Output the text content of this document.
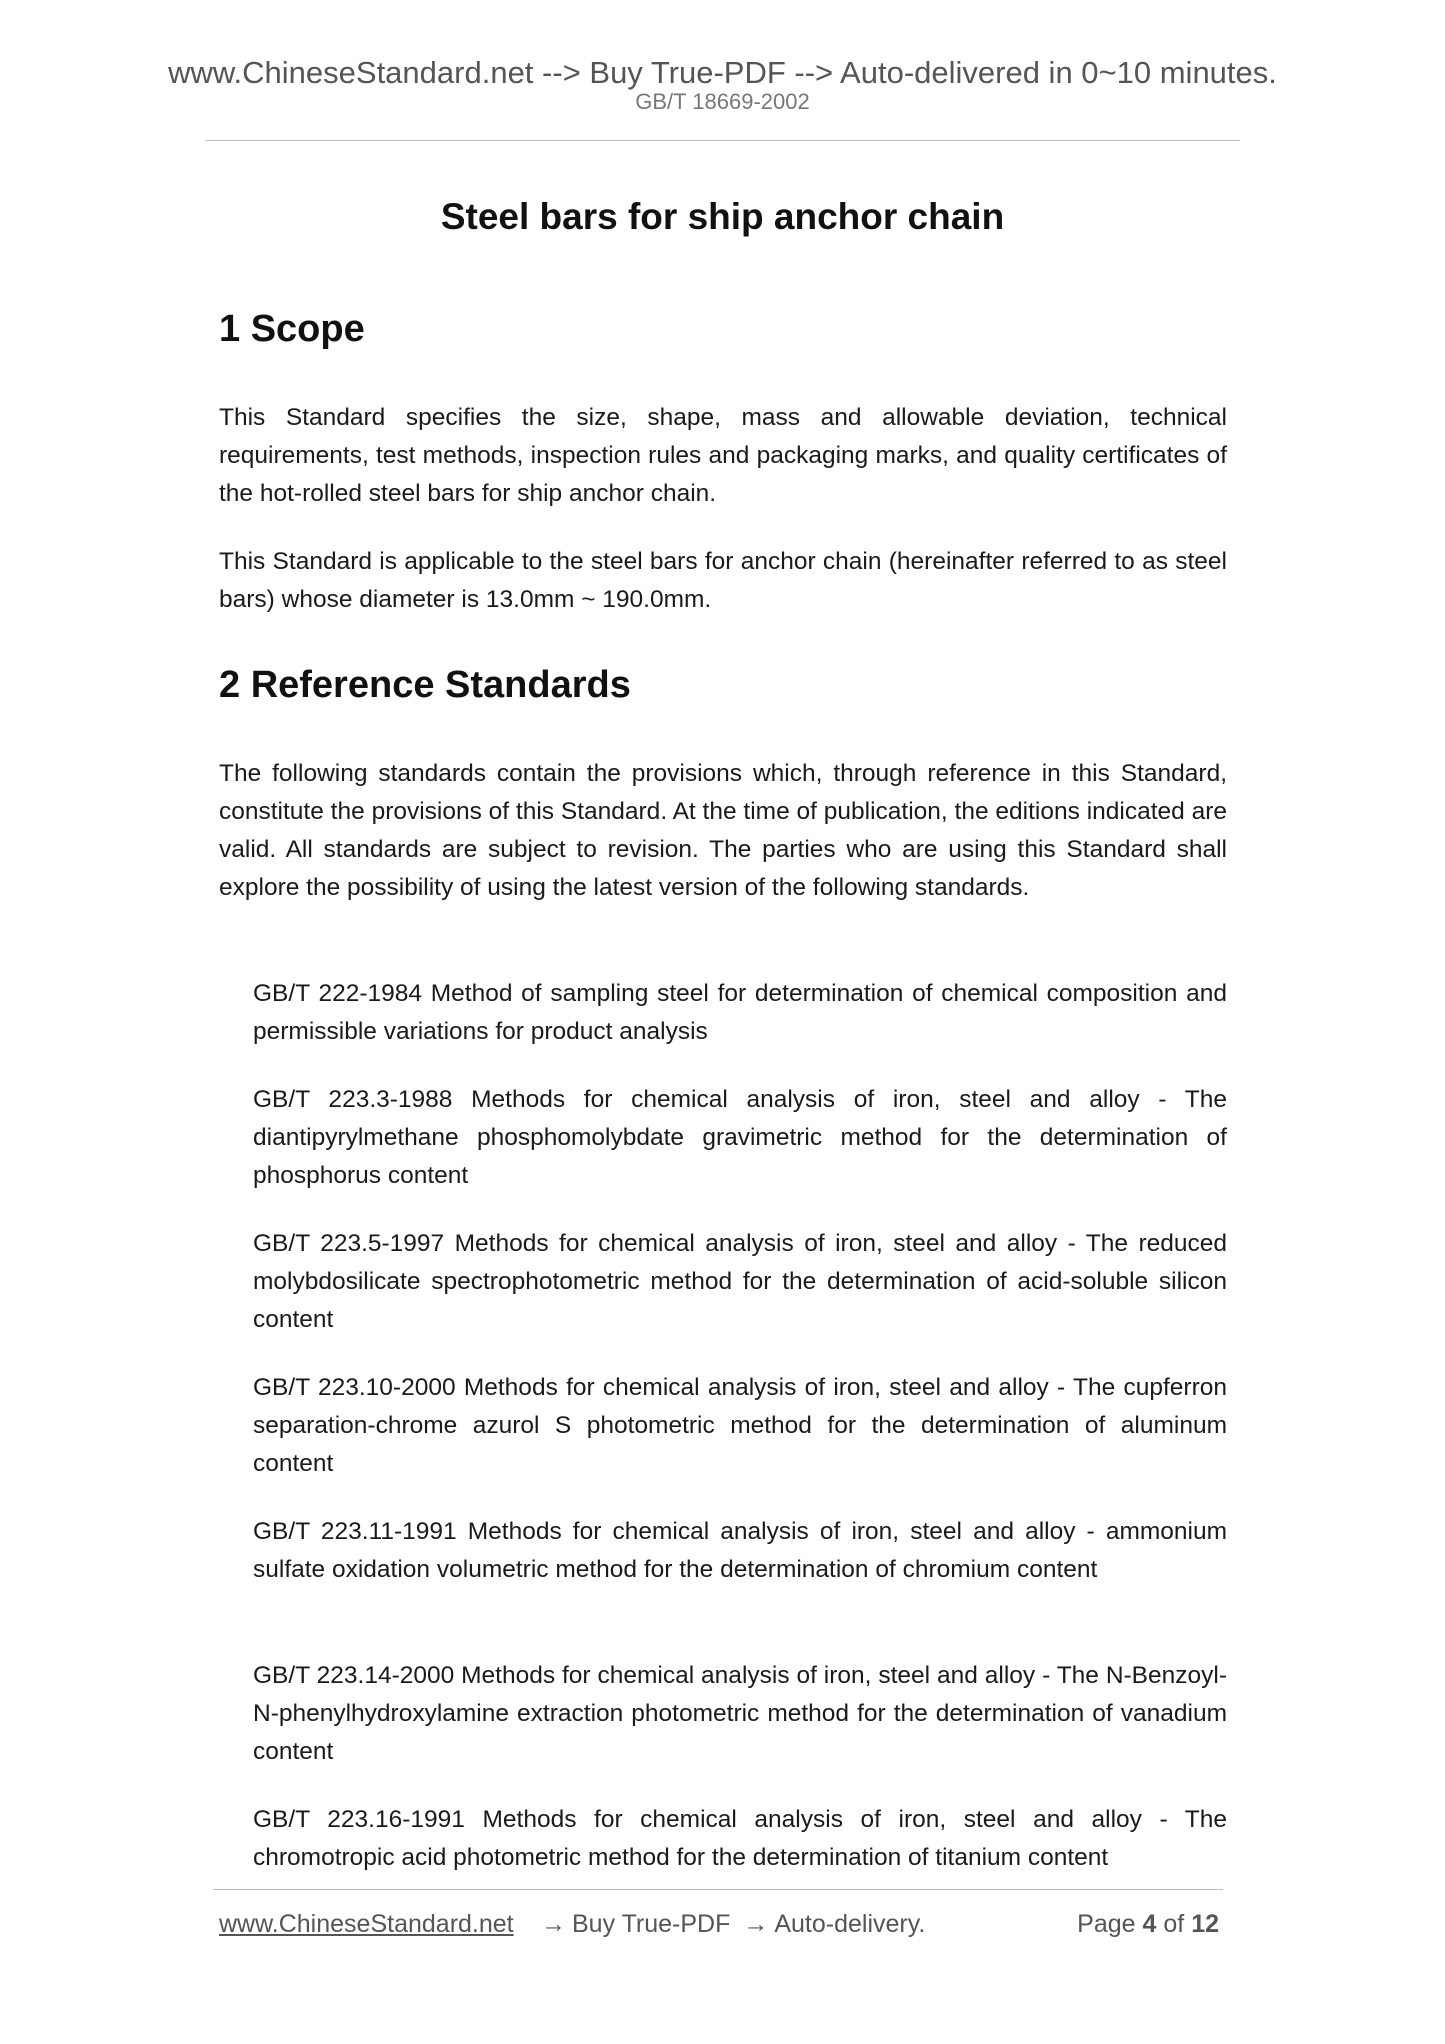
www.ChineseStandard.net --> Buy True-PDF --> Auto-delivered in 0~10 minutes.
GB/T 18669-2002
Steel bars for ship anchor chain
1 Scope
This Standard specifies the size, shape, mass and allowable deviation, technical requirements, test methods, inspection rules and packaging marks, and quality certificates of the hot-rolled steel bars for ship anchor chain.
This Standard is applicable to the steel bars for anchor chain (hereinafter referred to as steel bars) whose diameter is 13.0mm ~ 190.0mm.
2 Reference Standards
The following standards contain the provisions which, through reference in this Standard, constitute the provisions of this Standard. At the time of publication, the editions indicated are valid. All standards are subject to revision. The parties who are using this Standard shall explore the possibility of using the latest version of the following standards.
GB/T 222-1984 Method of sampling steel for determination of chemical composition and permissible variations for product analysis
GB/T 223.3-1988 Methods for chemical analysis of iron, steel and alloy - The diantipyrylmethane phosphomolybdate gravimetric method for the determination of phosphorus content
GB/T 223.5-1997 Methods for chemical analysis of iron, steel and alloy - The reduced molybdosilicate spectrophotometric method for the determination of acid-soluble silicon content
GB/T 223.10-2000 Methods for chemical analysis of iron, steel and alloy - The cupferron separation-chrome azurol S photometric method for the determination of aluminum content
GB/T 223.11-1991 Methods for chemical analysis of iron, steel and alloy - ammonium sulfate oxidation volumetric method for the determination of chromium content
GB/T 223.14-2000 Methods for chemical analysis of iron, steel and alloy - The N-Benzoyl-N-phenylhydroxylamine extraction photometric method for the determination of vanadium content
GB/T 223.16-1991 Methods for chemical analysis of iron, steel and alloy - The chromotropic acid photometric method for the determination of titanium content
www.ChineseStandard.net → Buy True-PDF → Auto-delivery.	Page 4 of 12
